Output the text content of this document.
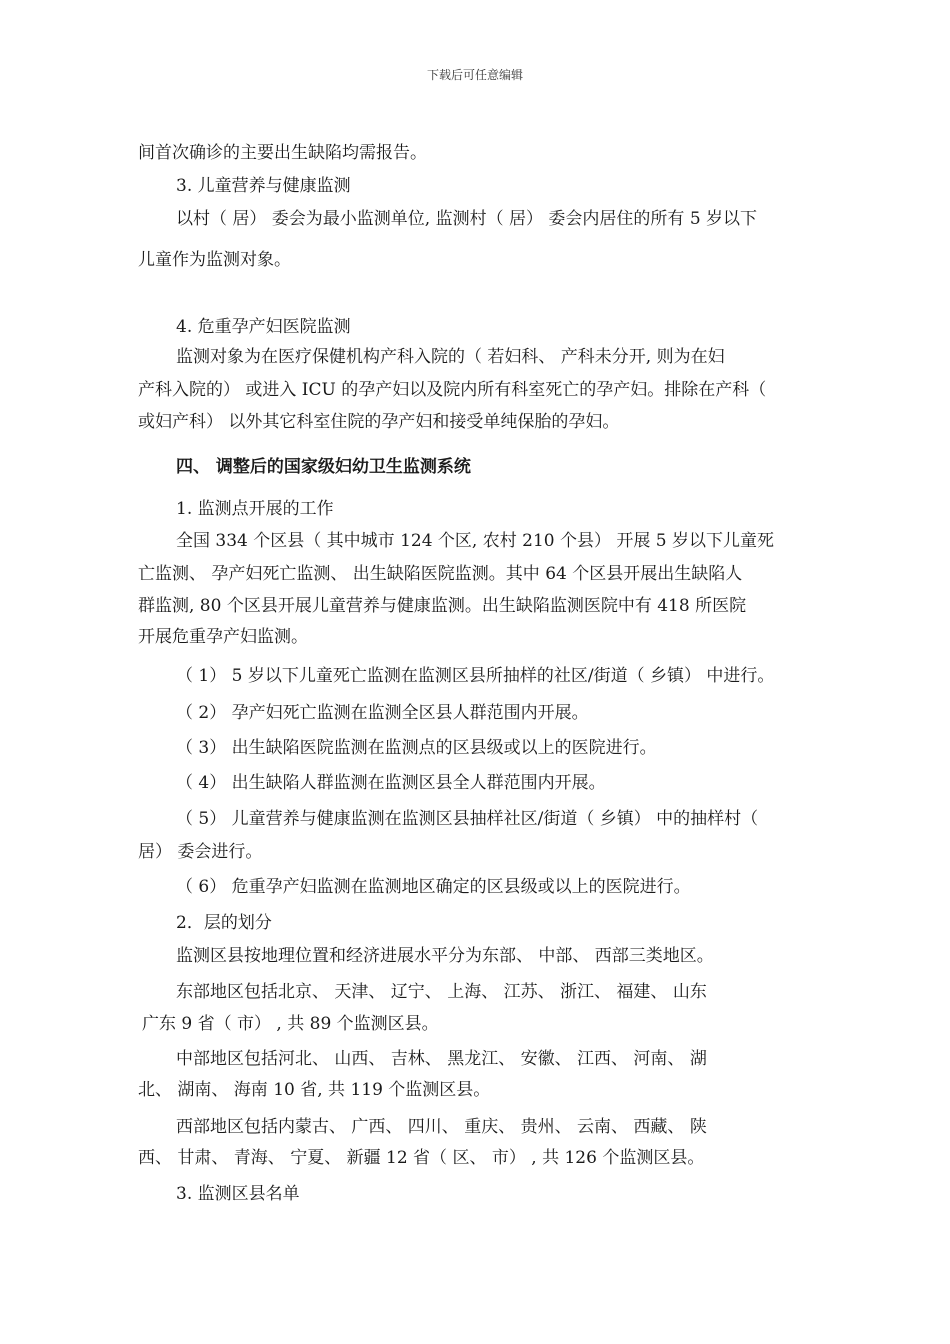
下载后可任意编辑
间首次确诊的主要出生缺陷均需报告。
3. 儿童营养与健康监测
以村（ 居） 委会为最小监测单位, 监测村（ 居） 委会内居住的所有 5 岁以下
儿童作为监测对象。
4. 危重孕产妇医院监测
监测对象为在医疗保健机构产科入院的（ 若妇科、 产科未分开, 则为在妇
产科入院的） 或进入 ICU 的孕产妇以及院内所有科室死亡的孕产妇。排除在产科（
或妇产科） 以外其它科室住院的孕产妇和接受单纯保胎的孕妇。
四、 调整后的国家级妇幼卫生监测系统
1. 监测点开展的工作
全国 334 个区县（ 其中城市 124 个区, 农村 210 个县） 开展 5 岁以下儿童死
亡监测、 孕产妇死亡监测、 出生缺陷医院监测。其中 64 个区县开展出生缺陷人
群监测, 80 个区县开展儿童营养与健康监测。出生缺陷监测医院中有 418 所医院
开展危重孕产妇监测。
（ 1） 5 岁以下儿童死亡监测在监测区县所抽样的社区/街道（ 乡镇） 中进行。
（ 2） 孕产妇死亡监测在监测全区县人群范围内开展。
（ 3） 出生缺陷医院监测在监测点的区县级或以上的医院进行。
（ 4） 出生缺陷人群监测在监测区县全人群范围内开展。
（ 5） 儿童营养与健康监测在监测区县抽样社区/街道（ 乡镇） 中的抽样村（
居） 委会进行。
（ 6） 危重孕产妇监测在监测地区确定的区县级或以上的医院进行。
2．层的划分
监测区县按地理位置和经济进展水平分为东部、 中部、 西部三类地区。
东部地区包括北京、 天津、 辽宁、 上海、 江苏、 浙江、 福建、 山东
广东 9 省（ 市） , 共 89 个监测区县。
中部地区包括河北、 山西、 吉林、 黑龙江、 安徽、 江西、 河南、 湖
北、 湖南、 海南 10 省, 共 119 个监测区县。
西部地区包括内蒙古、 广西、 四川、 重庆、 贵州、 云南、 西藏、 陕
西、 甘肃、 青海、 宁夏、 新疆 12 省（ 区、 市） , 共 126 个监测区县。
3. 监测区县名单
